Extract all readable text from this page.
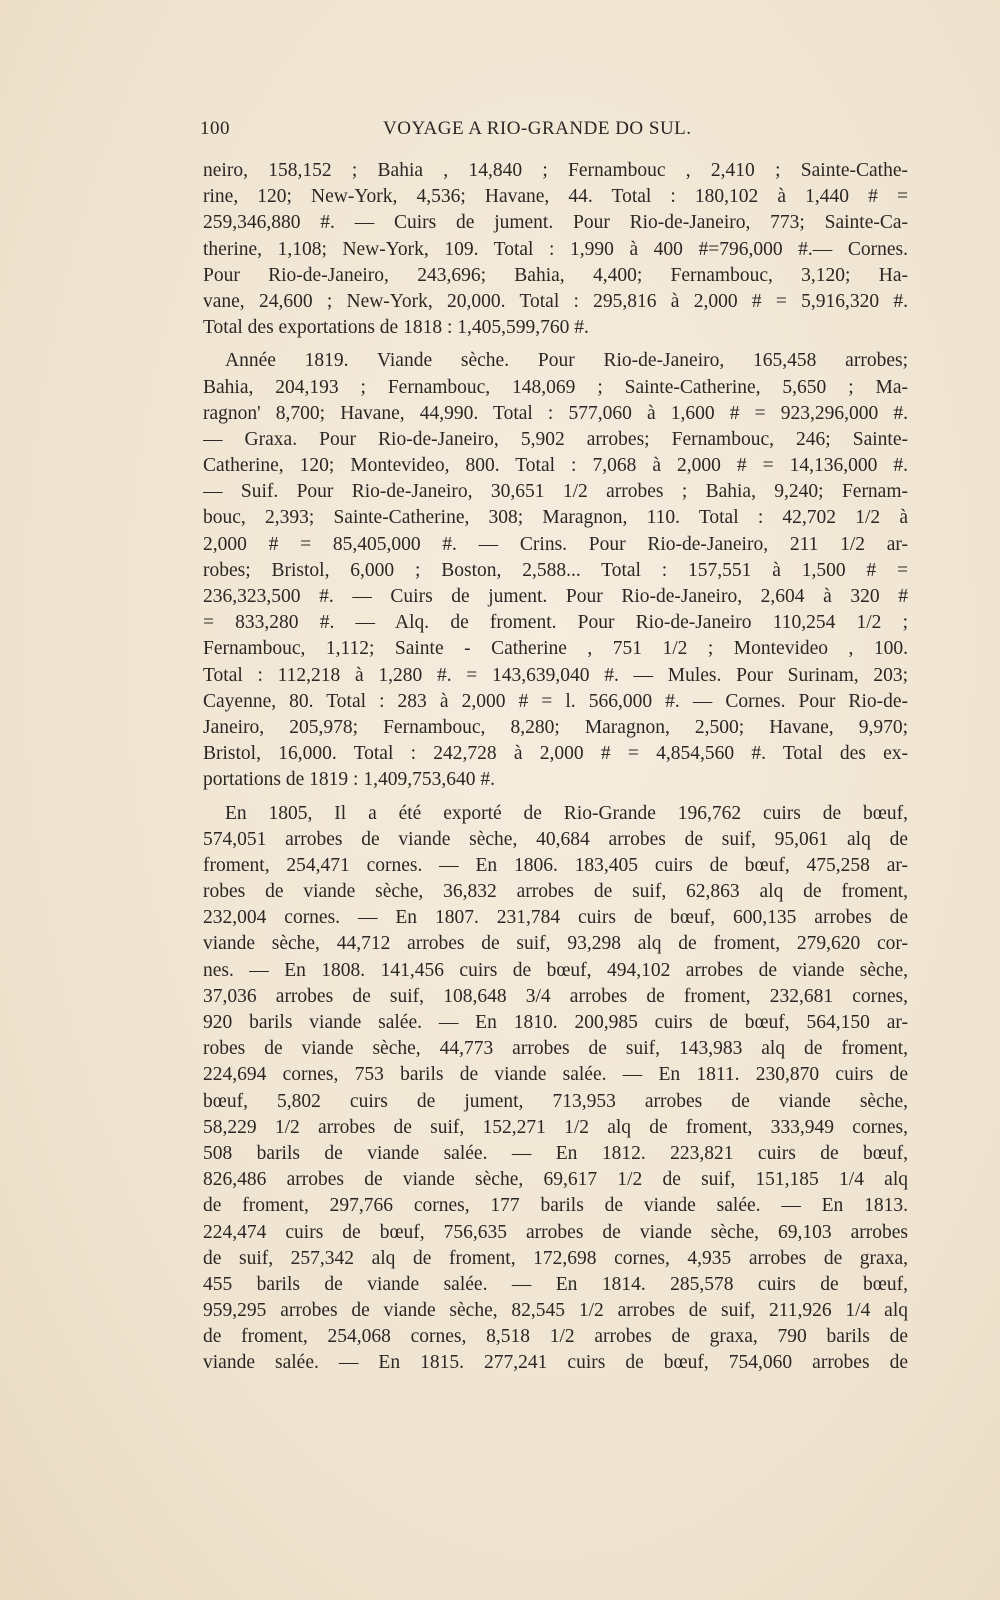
100	VOYAGE A RIO-GRANDE DO SUL.
neiro, 158,152 ; Bahia , 14,840 ; Fernambouc , 2,410 ; Sainte-Cathe-
rine, 120; New-York, 4,536; Havane, 44. Total : 180,102 à 1,440 # =
259,346,880 #. — Cuirs de jument. Pour Rio-de-Janeiro, 773; Sainte-Ca-
therine, 1,108; New-York, 109. Total : 1,990 à 400 #=796,000 #.— Cornes.
Pour Rio-de-Janeiro, 243,696; Bahia, 4,400; Fernambouc, 3,120; Ha-
vane, 24,600 ; New-York, 20,000. Total : 295,816 à 2,000 # = 5,916,320 #.
Total des exportations de 1818 : 1,405,599,760 #.
Année 1819. Viande sèche. Pour Rio-de-Janeiro, 165,458 arrobes;
Bahia, 204,193 ; Fernambouc, 148,069 ; Sainte-Catherine, 5,650 ; Ma-
ragnon' 8,700; Havane, 44,990. Total : 577,060 à 1,600 # = 923,296,000 #.
— Graxa. Pour Rio-de-Janeiro, 5,902 arrobes; Fernambouc, 246; Sainte-
Catherine, 120; Montevideo, 800. Total : 7,068 à 2,000 # = 14,136,000 #.
— Suif. Pour Rio-de-Janeiro, 30,651 1/2 arrobes ; Bahia, 9,240; Fernam-
bouc, 2,393; Sainte-Catherine, 308; Maragnon, 110. Total : 42,702 1/2 à
2,000 # = 85,405,000 #. — Crins. Pour Rio-de-Janeiro, 211 1/2 ar-
robes; Bristol, 6,000 ; Boston, 2,588... Total : 157,551 à 1,500 # =
236,323,500 #. — Cuirs de jument. Pour Rio-de-Janeiro, 2,604 à 320 #
= 833,280 #. — Alq. de froment. Pour Rio-de-Janeiro 110,254 1/2 ;
Fernambouc, 1,112; Sainte - Catherine , 751 1/2 ; Montevideo , 100.
Total : 112,218 à 1,280 #. = 143,639,040 #. — Mules. Pour Surinam, 203;
Cayenne, 80. Total : 283 à 2,000 # = l. 566,000 #. — Cornes. Pour Rio-de-
Janeiro, 205,978; Fernambouc, 8,280; Maragnon, 2,500; Havane, 9,970;
Bristol, 16,000. Total : 242,728 à 2,000 # = 4,854,560 #. Total des ex-
portations de 1819 : 1,409,753,640 #.
En 1805, Il a été exporté de Rio-Grande 196,762 cuirs de bœuf,
574,051 arrobes de viande sèche, 40,684 arrobes de suif, 95,061 alq de
froment, 254,471 cornes. — En 1806. 183,405 cuirs de bœuf, 475,258 ar-
robes de viande sèche, 36,832 arrobes de suif, 62,863 alq de froment,
232,004 cornes. — En 1807. 231,784 cuirs de bœuf, 600,135 arrobes de
viande sèche, 44,712 arrobes de suif, 93,298 alq de froment, 279,620 cor-
nes. — En 1808. 141,456 cuirs de bœuf, 494,102 arrobes de viande sèche,
37,036 arrobes de suif, 108,648 3/4 arrobes de froment, 232,681 cornes,
920 barils viande salée. — En 1810. 200,985 cuirs de bœuf, 564,150 ar-
robes de viande sèche, 44,773 arrobes de suif, 143,983 alq de froment,
224,694 cornes, 753 barils de viande salée. — En 1811. 230,870 cuirs de
bœuf, 5,802 cuirs de jument, 713,953 arrobes de viande sèche,
58,229 1/2 arrobes de suif, 152,271 1/2 alq de froment, 333,949 cornes,
508 barils de viande salée. — En 1812. 223,821 cuirs de bœuf,
826,486 arrobes de viande sèche, 69,617 1/2 de suif, 151,185 1/4 alq
de froment, 297,766 cornes, 177 barils de viande salée. — En 1813.
224,474 cuirs de bœuf, 756,635 arrobes de viande sèche, 69,103 arrobes
de suif, 257,342 alq de froment, 172,698 cornes, 4,935 arrobes de graxa,
455 barils de viande salée. — En 1814. 285,578 cuirs de bœuf,
959,295 arrobes de viande sèche, 82,545 1/2 arrobes de suif, 211,926 1/4 alq
de froment, 254,068 cornes, 8,518 1/2 arrobes de graxa, 790 barils de
viande salée. — En 1815. 277,241 cuirs de bœuf, 754,060 arrobes de
